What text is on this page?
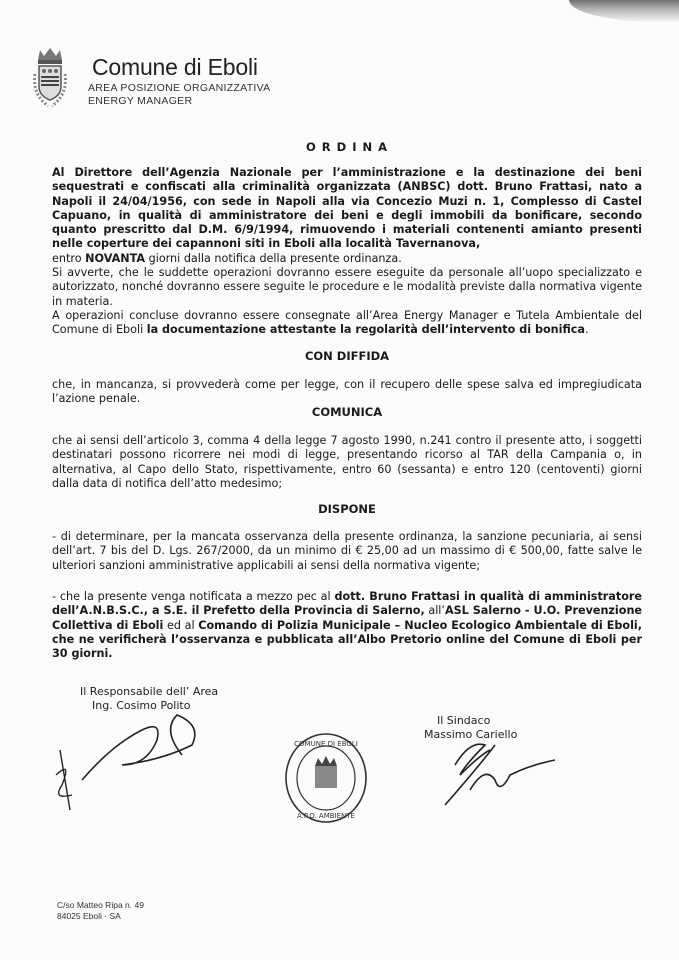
Comune di Eboli
AREA POSIZIONE ORGANIZZATIVA
ENERGY MANAGER
O R D I N A
Al Direttore dell’Agenzia Nazionale per l’amministrazione e la destinazione dei beni sequestrati e confiscati alla criminalità organizzata (ANBSC) dott. Bruno Frattasi, nato a Napoli il 24/04/1956, con sede in Napoli alla via Concezio Muzi n. 1, Complesso di Castel Capuano, in qualità di amministratore dei beni e degli immobili da bonificare, secondo quanto prescritto dal D.M. 6/9/1994, rimuovendo i materiali contenenti amianto presenti nelle coperture dei capannoni siti in Eboli alla località Tavernanova,
entro NOVANTA giorni dalla notifica della presente ordinanza.
Si avverte, che le suddette operazioni dovranno essere eseguite da personale all’uopo specializzato e autorizzato, nonché dovranno essere seguite le procedure e le modalità previste dalla normativa vigente in materia.
A operazioni concluse dovranno essere consegnate all’Area Energy Manager e Tutela Ambientale del Comune di Eboli la documentazione attestante la regolarità dell’intervento di bonifica.
CON DIFFIDA
che, in mancanza, si provvederà come per legge, con il recupero delle spese salva ed impregiudicata l’azione penale.
COMUNICA
che ai sensi dell’articolo 3, comma 4 della legge 7 agosto 1990, n.241 contro il presente atto, i soggetti destinatari possono ricorrere nei modi di legge, presentando ricorso al TAR della Campania o, in alternativa, al Capo dello Stato, rispettivamente, entro 60 (sessanta) e entro 120 (centoventi) giorni dalla data di notifica dell’atto medesimo;
DISPONE
- di determinare, per la mancata osservanza della presente ordinanza, la sanzione pecuniaria, ai sensi dell’art. 7 bis del D. Lgs. 267/2000, da un minimo di € 25,00 ad un massimo di € 500,00, fatte salve le ulteriori sanzioni amministrative applicabili ai sensi della normativa vigente;
- che la presente venga notificata a mezzo pec al dott. Bruno Frattasi in qualità di amministratore dell’A.N.B.S.C., a S.E. il Prefetto della Provincia di Salerno, all’ASL Salerno - U.O. Prevenzione Collettiva di Eboli ed al Comando di Polizia Municipale – Nucleo Ecologico Ambientale di Eboli, che ne verificherà l’osservanza e pubblicata all’Albo Pretorio online del Comune di Eboli per 30 giorni.
Il Responsabile dell’ Area
Ing. Cosimo Polito
COMUNE DI EBOLI
A.P.O. AMBIENTE
Il Sindaco
Massimo Cariello
C/so Matteo Ripa n. 49
84025 Eboli · SA
